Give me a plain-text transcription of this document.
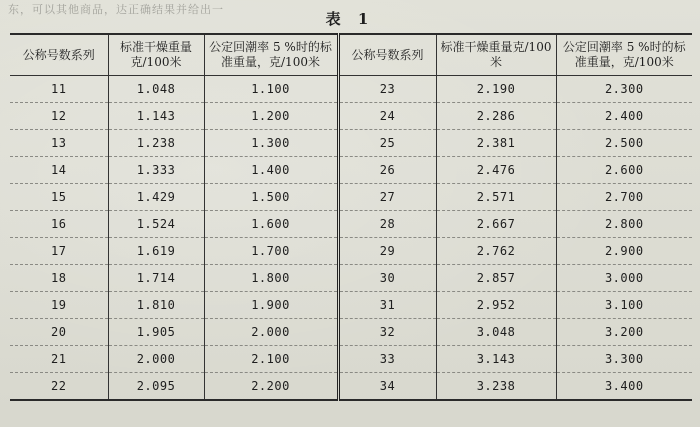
东，可以其他商品，达正确结果并给出一
表 1
公称号数系列	标准干燥重量克/100米	公定回潮率 5 %时的标准重量，克/100米	公称号数系列	标准干燥重量克/100米	公定回潮率 5 %时的标准重量，克/100米
11	1.048	1.100	23	2.190	2.300
12	1.143	1.200	24	2.286	2.400
13	1.238	1.300	25	2.381	2.500
14	1.333	1.400	26	2.476	2.600
15	1.429	1.500	27	2.571	2.700
16	1.524	1.600	28	2.667	2.800
17	1.619	1.700	29	2.762	2.900
18	1.714	1.800	30	2.857	3.000
19	1.810	1.900	31	2.952	3.100
20	1.905	2.000	32	3.048	3.200
21	2.000	2.100	33	3.143	3.300
22	2.095	2.200	34	3.238	3.400
